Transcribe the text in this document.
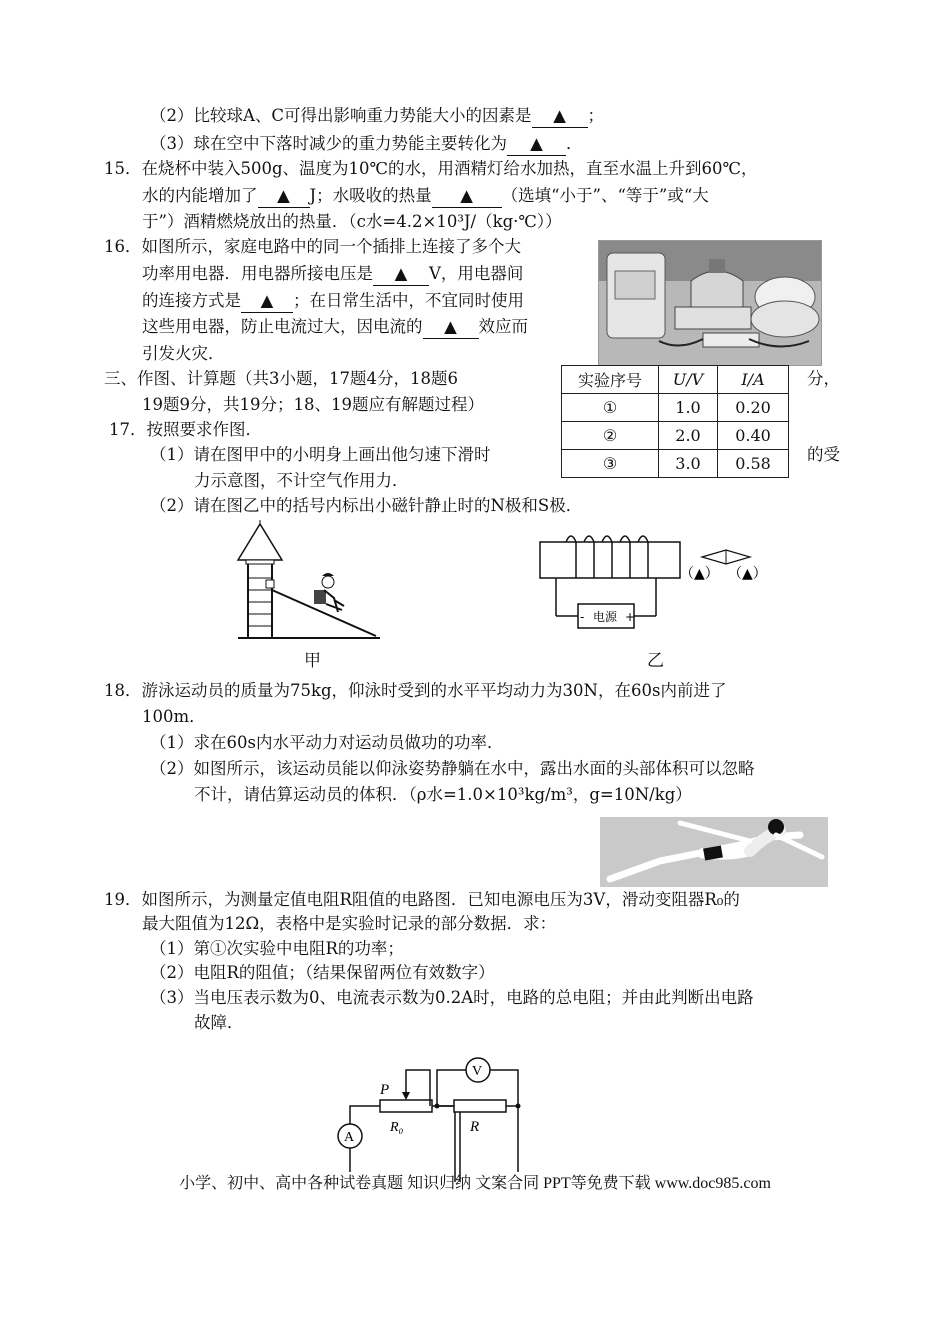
（2）比较球A、C可得出影响重力势能大小的因素是 ▲ ；
（3）球在空中下落时减少的重力势能主要转化为 ▲ ．
15．在烧杯中装入500g、温度为10℃的水，用酒精灯给水加热，直至水温上升到60℃，
水的内能增加了 ▲ J；水吸收的热量 ▲ （选填“小于”、“等于”或“大
于”）酒精燃烧放出的热量．（c水=4.2×10³J/（kg·℃））
16．如图所示，家庭电路中的同一个插排上连接了多个大
功率用电器．用电器所接电压是 ▲ V，用电器间
的连接方式是 ▲ ；在日常生活中，不宜同时使用
这些用电器，防止电流过大，因电流的 ▲ 效应而
引发火灾．
三、作图、计算题（共3小题，17题4分，18题6	分，
19题9分，共19分；18、19题应有解题过程）
实验序号	U/V	I/A
①	1.0	0.20
②	2.0	0.40
③	3.0	0.58
17．按照要求作图．
（1）请在图甲中的小明身上画出他匀速下滑时	的受
力示意图，不计空气作用力．
（2）请在图乙中的括号内标出小磁针静止时的N极和S极．
甲
- 电源 +
（▲） （▲）
乙
18．游泳运动员的质量为75kg，仰泳时受到的水平平均动力为30N，在60s内前进了
100m．
（1）求在60s内水平动力对运动员做功的功率．
（2）如图所示，该运动员能以仰泳姿势静躺在水中，露出水面的头部体积可以忽略
不计，请估算运动员的体积．（ρ水=1.0×10³kg/m³，g=10N/kg）
19．如图所示，为测量定值电阻R阻值的电路图．已知电源电压为3V，滑动变阻器R₀的
最大阻值为12Ω，表格中是实验时记录的部分数据．求：
（1）第①次实验中电阻R的功率；
（2）电阻R的阻值；（结果保留两位有效数字）
（3）当电压表示数为0、电流表示数为0.2A时，电路的总电阻；并由此判断出电路
故障．
V
A
P
R₀	R
小学、初中、高中各种试卷真题 知识归纳 文案合同 PPT等免费下载 www.doc985.com
